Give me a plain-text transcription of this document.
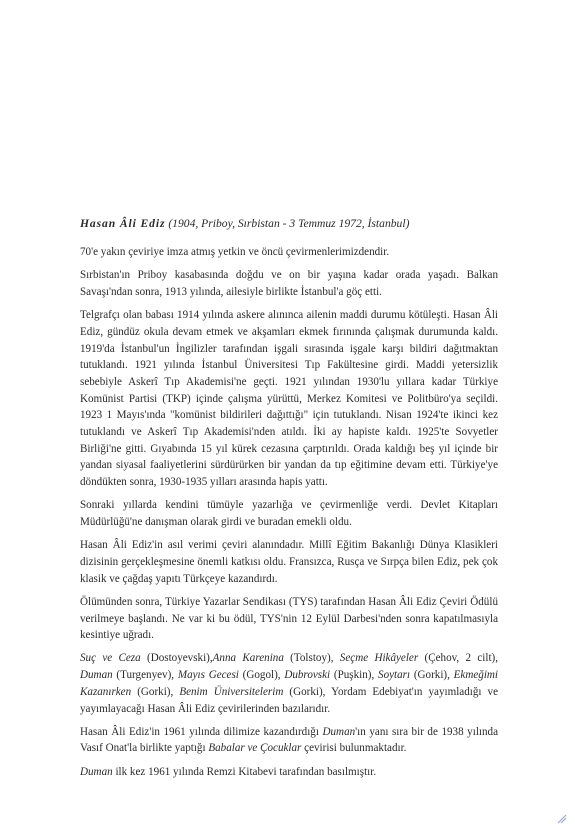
Hasan Âli Ediz (1904, Priboy, Sırbistan - 3 Temmuz 1972, İstanbul)

70'e yakın çeviriye imza atmış yetkin ve öncü çevirmenlerimizdendir.

Sırbistan'ın Priboy kasabasında doğdu ve on bir yaşına kadar orada yaşadı. Balkan Savaşı'ndan sonra, 1913 yılında, ailesiyle birlikte İstanbul'a göç etti.

Telgrafçı olan babası 1914 yılında askere alınınca ailenin maddi durumu kötüleşti. Hasan Âli Ediz, gündüz okula devam etmek ve akşamları ekmek fırınında çalışmak durumunda kaldı. 1919'da İstanbul'un İngilizler tarafından işgali sırasında işgale karşı bildiri dağıtmaktan tutuklandı. 1921 yılında İstanbul Üniversitesi Tıp Fakültesine girdi. Maddi yetersizlik sebebiyle Askerî Tıp Akademisi'ne geçti. 1921 yılından 1930'lu yıllara kadar Türkiye Komünist Partisi (TKP) içinde çalışma yürüttü, Merkez Komitesi ve Politbüro'ya seçildi. 1923 1 Mayıs'ında "komünist bildirileri dağıttığı" için tutuklandı. Nisan 1924'te ikinci kez tutuklandı ve Askerî Tıp Akademisi'nden atıldı. İki ay hapiste kaldı. 1925'te Sovyetler Birliği'ne gitti. Gıyabında 15 yıl kürek cezasına çarptırıldı. Orada kaldığı beş yıl içinde bir yandan siyasal faaliyetlerini sürdürürken bir yandan da tıp eğitimine devam etti. Türkiye'ye döndükten sonra, 1930-1935 yılları arasında hapis yattı.

Sonraki yıllarda kendini tümüyle yazarlığa ve çevirmenliğe verdi. Devlet Kitapları Müdürlüğü'ne danışman olarak girdi ve buradan emekli oldu.

Hasan Âli Ediz'in asıl verimi çeviri alanındadır. Millî Eğitim Bakanlığı Dünya Klasikleri dizisinin gerçekleşmesine önemli katkısı oldu. Fransızca, Rusça ve Sırpça bilen Ediz, pek çok klasik ve çağdaş yapıtı Türkçeye kazandırdı.

Ölümünden sonra, Türkiye Yazarlar Sendikası (TYS) tarafından Hasan Âli Ediz Çeviri Ödülü verilmeye başlandı. Ne var ki bu ödül, TYS'nin 12 Eylül Darbesi'nden sonra kapatılmasıyla kesintiye uğradı.

Suç ve Ceza (Dostoyevski),Anna Karenina (Tolstoy), Seçme Hikâyeler (Çehov, 2 cilt), Duman (Turgenyev), Mayıs Gecesi (Gogol), Dubrovski (Puşkin), Soytarı (Gorki), Ekmeğimi Kazanırken (Gorki), Benim Üniversitelerim (Gorki), Yordam Edebiyat'ın yayımladığı ve yayımlayacağı Hasan Âli Ediz çevirilerinden bazılarıdır.

Hasan Âli Ediz'in 1961 yılında dilimize kazandırdığı Duman'ın yanı sıra bir de 1938 yılında Vasıf Onat'la birlikte yaptığı Babalar ve Çocuklar çevirisi bulunmaktadır.

Duman ilk kez 1961 yılında Remzi Kitabevi tarafından basılmıştır.
